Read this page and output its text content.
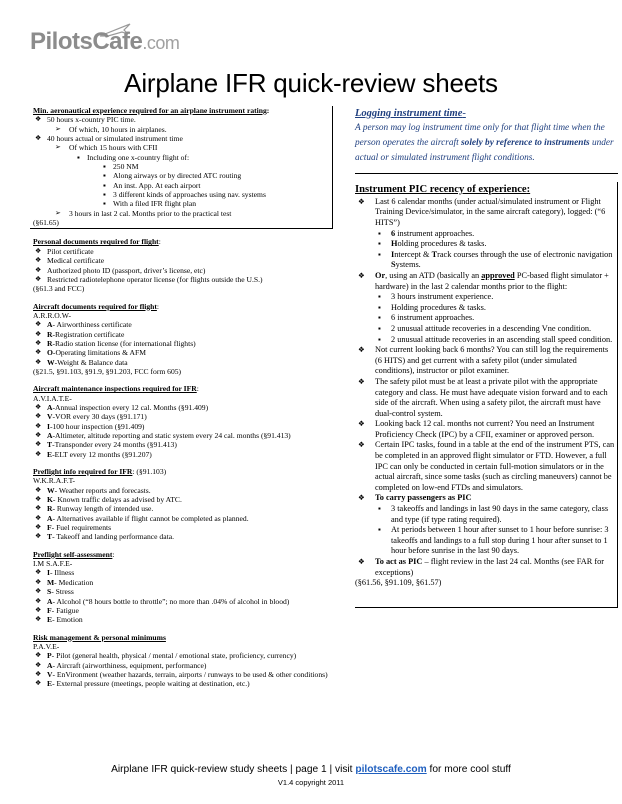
PilotsCafe.com
Airplane IFR quick-review sheets
Min. aeronautical experience required for an airplane instrument rating:
❖ 50 hours x-country PIC time.
➢ Of which, 10 hours in airplanes.
❖ 40 hours actual or simulated instrument time
➢ Of which 15 hours with CFII
▪ Including one x-country flight of:
▪ 250 NM
▪ Along airways or by directed ATC routing
▪ An inst. App. At each airport
▪ 3 different kinds of approaches using nav. systems
▪ With a filed IFR flight plan
➢ 3 hours in last 2 cal. Months prior to the practical test
(§61.65)
Personal documents required for flight:
❖ Pilot certificate
❖ Medical certificate
❖ Authorized photo ID (passport, driver’s license, etc)
❖ Restricted radiotelephone operator license (for flights outside the U.S.)
(§61.3 and FCC)
Aircraft documents required for flight:
A.R.R.O.W-
❖ A- Airworthiness certificate
❖ R-Registration certificate
❖ R-Radio station license (for international flights)
❖ O-Operating limitations & AFM
❖ W-Weight & Balance data
(§21.5, §91.103, §91.9, §91.203, FCC form 605)
Aircraft maintenance inspections required for IFR:
A.V.I.A.T.E-
❖ A-Annual inspection every 12 cal. Months (§91.409)
❖ V-VOR every 30 days (§91.171)
❖ I-100 hour inspection (§91.409)
❖ A-Altimeter, altitude reporting and static system every 24 cal. months (§91.413)
❖ T-Transponder every 24 months (§91.413)
❖ E-ELT every 12 months (§91.207)
Preflight info required for IFR: (§91.103)
W.K.R.A.F.T-
❖ W- Weather reports and forecasts.
❖ K- Known traffic delays as advised by ATC.
❖ R- Runway length of intended use.
❖ A- Alternatives available if flight cannot be completed as planned.
❖ F- Fuel requirements
❖ T- Takeoff and landing performance data.
Preflight self-assessment:
I.M S.A.F.E-
❖ I- Illness
❖ M- Medication
❖ S- Stress
❖ A- Alcohol (“8 hours bottle to throttle”; no more than .04% of alcohol in blood)
❖ F- Fatigue
❖ E- Emotion
Risk management & personal minimums
P.A.V.E-
❖ P- Pilot (general health, physical / mental / emotional state, proficiency, currency)
❖ A- Aircraft (airworthiness, equipment, performance)
❖ V- EnVironment (weather hazards, terrain, airports / runways to be used & other conditions)
❖ E- External pressure (meetings, people waiting at destination, etc.)
Logging instrument time-
A person may log instrument time only for that flight time when the person operates the aircraft solely by reference to instruments under actual or simulated instrument flight conditions.
Instrument PIC recency of experience:
❖ Last 6 calendar months (under actual/simulated instrument or Flight Training Device/simulator, in the same aircraft category), logged: (“6 HITS”)
▪ 6 instrument approaches.
▪ Holding procedures & tasks.
▪ Intercept & Track courses through the use of electronic navigation Systems.
❖ Or, using an ATD (basically an approved PC-based flight simulator + hardware) in the last 2 calendar months prior to the flight:
▪ 3 hours instrument experience.
▪ Holding procedures & tasks.
▪ 6 instrument approaches.
▪ 2 unusual attitude recoveries in a descending Vne condition.
▪ 2 unusual attitude recoveries in an ascending stall speed condition.
❖ Not current looking back 6 months? You can still log the requirements (6 HITS) and get current with a safety pilot (under simulated conditions), instructor or pilot examiner.
❖ The safety pilot must be at least a private pilot with the appropriate category and class. He must have adequate vision forward and to each side of the aircraft. When using a safety pilot, the aircraft must have dual-control system.
❖ Looking back 12 cal. months not current? You need an Instrument Proficiency Check (IPC) by a CFII, examiner or approved person.
❖ Certain IPC tasks, found in a table at the end of the instrument PTS, can be completed in an approved flight simulator or FTD. However, a full IPC can only be conducted in certain full-motion simulators or in the actual aircraft, since some tasks (such as circling maneuvers) cannot be completed on low-end FTDs and simulators.
❖ To carry passengers as PIC
▪ 3 takeoffs and landings in last 90 days in the same category, class and type (if type rating required).
▪ At periods between 1 hour after sunset to 1 hour before sunrise: 3 takeoffs and landings to a full stop during 1 hour after sunset to 1 hour before sunrise in the last 90 days.
❖ To act as PIC – flight review in the last 24 cal. Months (see FAR for exceptions)
(§61.56, §91.109, §61.57)
Airplane IFR quick-review study sheets | page 1 | visit pilotscafe.com for more cool stuff
V1.4 copyright 2011
